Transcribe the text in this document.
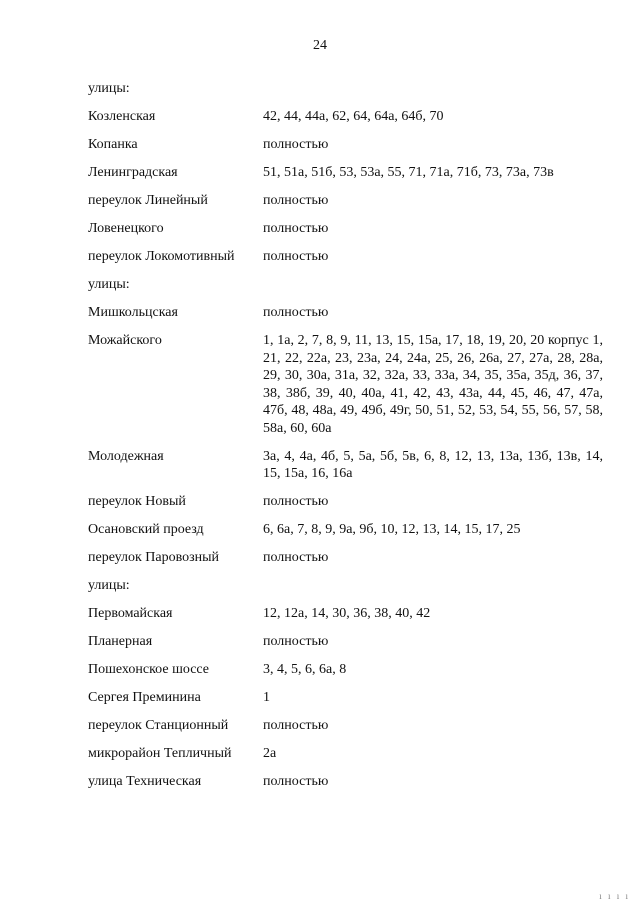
24
улицы:
Козленская	42, 44, 44а, 62, 64, 64а, 64б, 70
Копанка	полностью
Ленинградская	51, 51а, 51б, 53, 53а, 55, 71, 71а, 71б, 73, 73а, 73в
переулок Линейный	полностью
Ловенецкого	полностью
переулок Локомотивный	полностью
улицы:
Мишкольцская	полностью
Можайского	1, 1а, 2, 7, 8, 9, 11, 13, 15, 15а, 17, 18, 19, 20, 20 корпус 1, 21, 22, 22а, 23, 23а, 24, 24а, 25, 26, 26а, 27, 27а, 28, 28а, 29, 30, 30а, 31а, 32, 32а, 33, 33а, 34, 35, 35а, 35д, 36, 37, 38, 38б, 39, 40, 40а, 41, 42, 43, 43а, 44, 45, 46, 47, 47а, 47б, 48, 48а, 49, 49б, 49г, 50, 51, 52, 53, 54, 55, 56, 57, 58, 58а, 60, 60а
Молодежная	3а, 4, 4а, 4б, 5, 5а, 5б, 5в, 6, 8, 12, 13, 13а, 13б, 13в, 14, 15, 15а, 16, 16а
переулок Новый	полностью
Осановский проезд	6, 6а, 7, 8, 9, 9а, 9б, 10, 12, 13, 14, 15, 17, 25
переулок Паровозный	полностью
улицы:
Первомайская	12, 12а, 14, 30, 36, 38, 40, 42
Планерная	полностью
Пошехонское шоссе	3, 4, 5, 6, 6а, 8
Сергея Преминина	1
переулок Станционный	полностью
микрорайон Тепличный	2а
улица Техническая	полностью
ı ı ı ı
